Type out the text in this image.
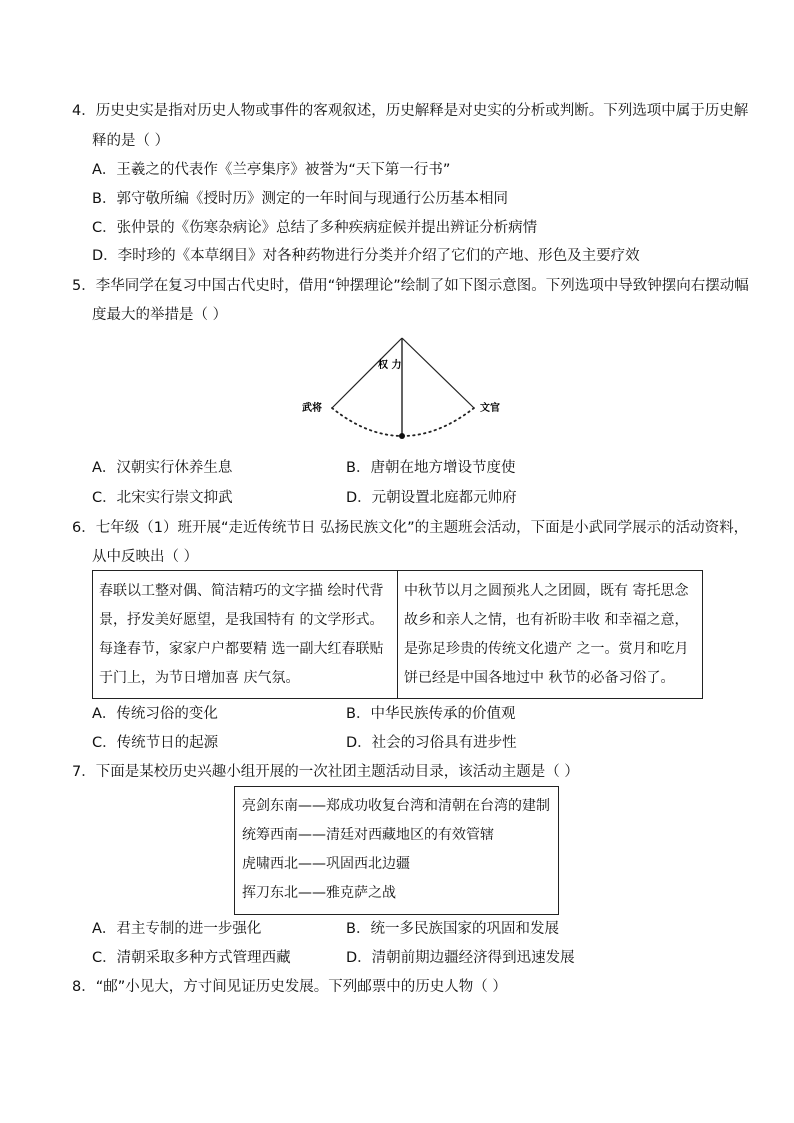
4．历史史实是指对历史人物或事件的客观叙述，历史解释是对史实的分析或判断。下列选项中属于历史解
释的是（ ）
A．王羲之的代表作《兰亭集序》被誉为“天下第一行书”
B．郭守敬所编《授时历》测定的一年时间与现通行公历基本相同
C．张仲景的《伤寒杂病论》总结了多种疾病症候并提出辨证分析病情
D．李时珍的《本草纲目》对各种药物进行分类并介绍了它们的产地、形色及主要疗效
5．李华同学在复习中国古代史时，借用“钟摆理论”绘制了如下图示意图。下列选项中导致钟摆向右摆动幅
度最大的举措是（ ）
武将
权 力
文官
A．汉朝实行休养生息	B．唐朝在地方增设节度使
C．北宋实行崇文抑武	D．元朝设置北庭都元帅府
6．七年级（1）班开展“走近传统节日 弘扬民族文化”的主题班会活动，下面是小武同学展示的活动资料，
从中反映出（ ）
春联以工整对偶、简洁精巧的文字描 绘时代背
景，抒发美好愿望，是我国特有 的文学形式。
每逢春节，家家户户都要精 选一副大红春联贴
于门上，为节日增加喜 庆气氛。
中秋节以月之圆预兆人之团圆，既有 寄托思念
故乡和亲人之情，也有祈盼丰收 和幸福之意，
是弥足珍贵的传统文化遗产 之一。赏月和吃月
饼已经是中国各地过中 秋节的必备习俗了。
A．传统习俗的变化	B．中华民族传承的价值观
C．传统节日的起源	D．社会的习俗具有进步性
7．下面是某校历史兴趣小组开展的一次社团主题活动目录，该活动主题是（ ）
亮剑东南——郑成功收复台湾和清朝在台湾的建制
统筹西南——清廷对西藏地区的有效管辖
虎啸西北——巩固西北边疆
挥刀东北——雅克萨之战
A．君主专制的进一步强化	B．统一多民族国家的巩固和发展
C．清朝采取多种方式管理西藏	D．清朝前期边疆经济得到迅速发展
8．“邮”小见大，方寸间见证历史发展。下列邮票中的历史人物（ ）
